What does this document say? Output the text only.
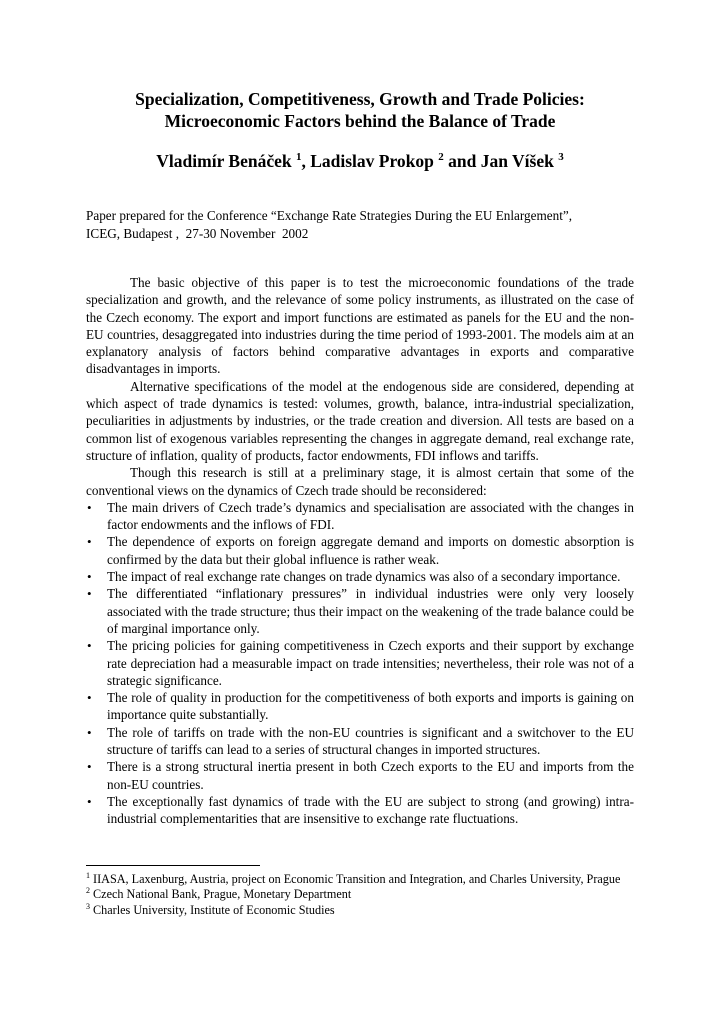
Specialization, Competitiveness, Growth and Trade Policies:
Microeconomic Factors behind the Balance of Trade
Vladimír Benáček $^1$, Ladislav Prokop $^2$ and Jan Víšek $^3$
Paper prepared for the Conference “Exchange Rate Strategies During the EU Enlargement”,
ICEG, Budapest ,  27-30 November  2002

The basic objective of this paper is to test the microeconomic foundations of the trade specialization and growth, and the relevance of some policy instruments, as illustrated on the case of the Czech economy. The export and import functions are estimated as panels for the EU and the non-EU countries, desaggregated into industries during the time period of 1993-2001. The models aim at an explanatory analysis of factors behind comparative advantages in exports and comparative disadvantages in imports.

Alternative specifications of the model at the endogenous side are considered, depending at which aspect of trade dynamics is tested: volumes, growth, balance, intra-industrial specialization, peculiarities in adjustments by industries, or the trade creation and diversion. All tests are based on a common list of exogenous variables representing the changes in aggregate demand, real exchange rate, structure of inflation, quality of products, factor endowments, FDI inflows and tariffs.

Though this research is still at a preliminary stage, it is almost certain that some of the conventional views on the dynamics of Czech trade should be reconsidered:

• The main drivers of Czech trade’s dynamics and specialisation are associated with the changes in factor endowments and the inflows of FDI.
• The dependence of exports on foreign aggregate demand and imports on domestic absorption is confirmed by the data but their global influence is rather weak.
• The impact of real exchange rate changes on trade dynamics was also of a secondary importance.
• The differentiated “inflationary pressures” in individual industries were only very loosely associated with the trade structure; thus their impact on the weakening of the trade balance could be of marginal importance only.
• The pricing policies for gaining competitiveness in Czech exports and their support by exchange rate depreciation had a measurable impact on trade intensities; nevertheless, their role was not of a strategic significance.
• The role of quality in production for the competitiveness of both exports and imports is gaining on importance quite substantially.
• The role of tariffs on trade with the non-EU countries is significant and a switchover to the EU structure of tariffs can lead to a series of structural changes in imported structures.
• There is a strong structural inertia present in both Czech exports to the EU and imports from the non-EU countries.
• The exceptionally fast dynamics of trade with the EU are subject to strong (and growing) intra-industrial complementarities that are insensitive to exchange rate fluctuations.
$^1$ IIASA, Laxenburg, Austria, project on Economic Transition and Integration, and Charles University, Prague
$^2$ Czech National Bank, Prague, Monetary Department
$^3$ Charles University, Institute of Economic Studies
